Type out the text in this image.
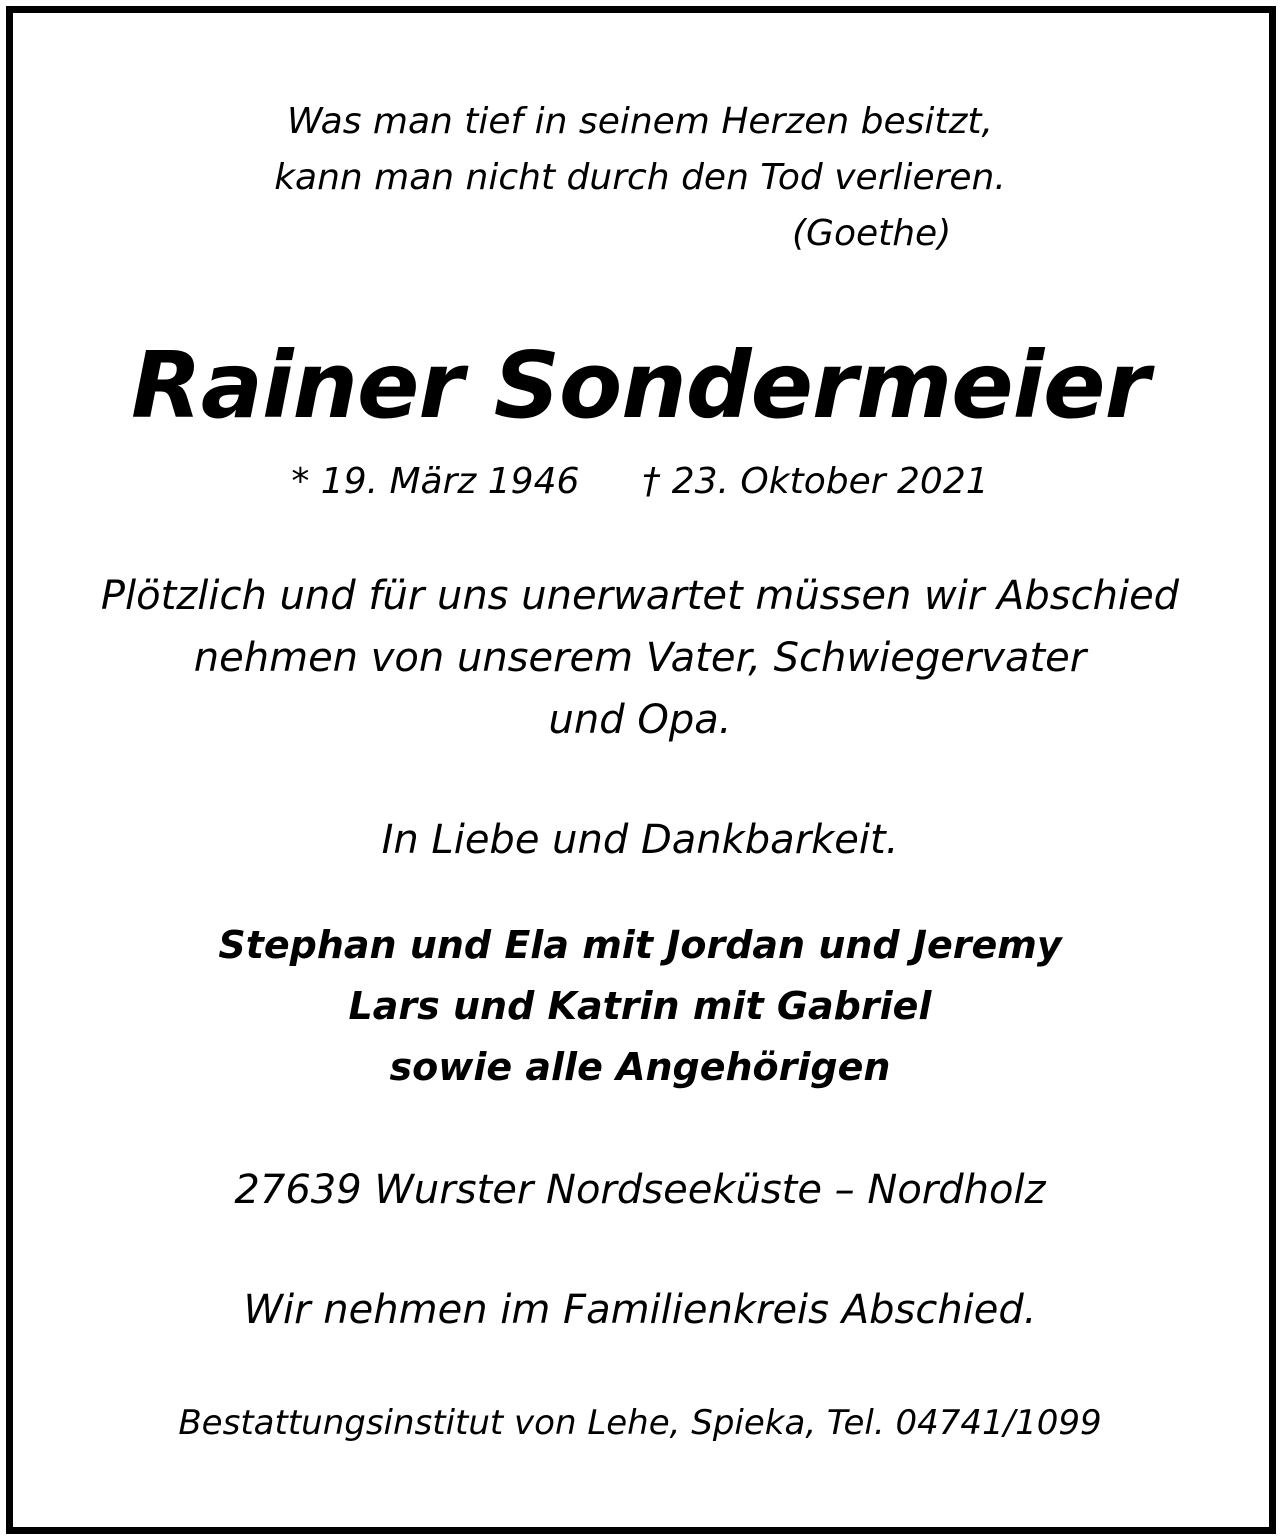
Was man tief in seinem Herzen besitzt,
kann man nicht durch den Tod verlieren.
(Goethe)
Rainer Sondermeier
* 19. März 1946 † 23. Oktober 2021
Plötzlich und für uns unerwartet müssen wir Abschied
nehmen von unserem Vater, Schwiegervater
und Opa.
In Liebe und Dankbarkeit.
Stephan und Ela mit Jordan und Jeremy
Lars und Katrin mit Gabriel
sowie alle Angehörigen
27639 Wurster Nordseeküste – Nordholz
Wir nehmen im Familienkreis Abschied.
Bestattungsinstitut von Lehe, Spieka, Tel. 04741/1099
